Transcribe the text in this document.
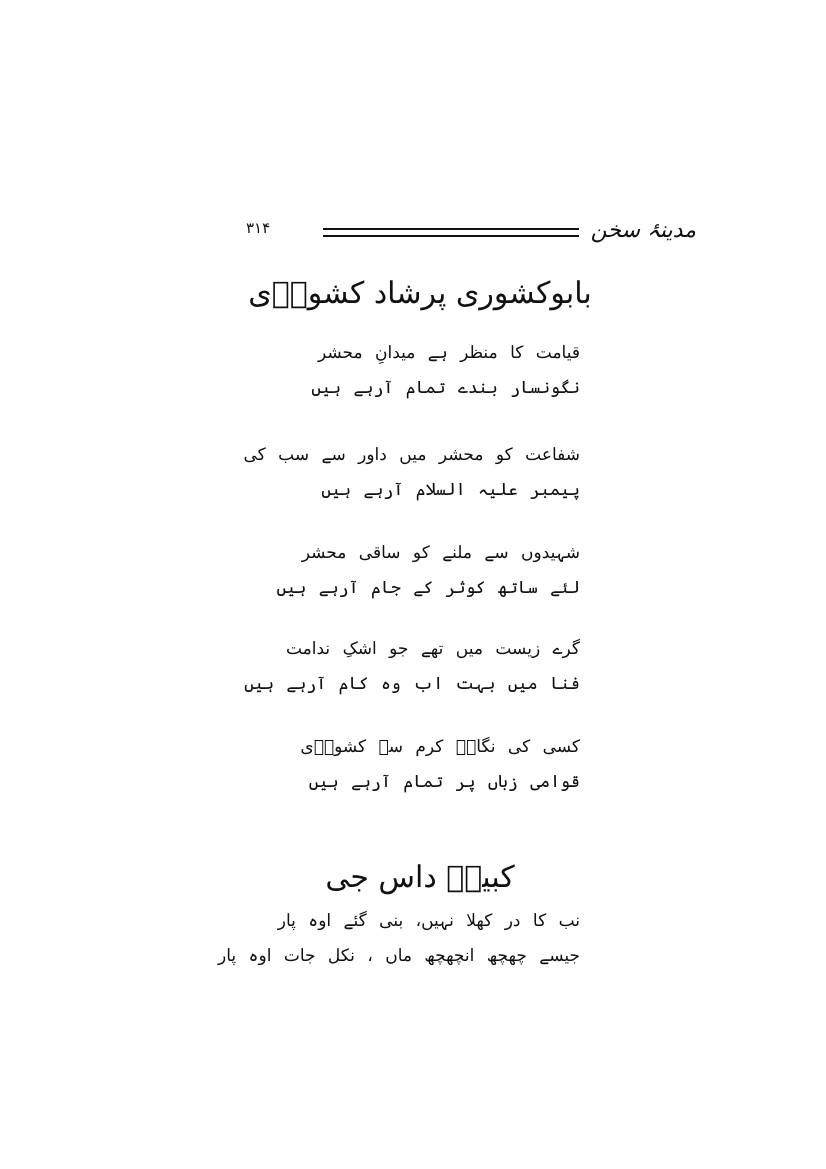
مدینۂ سخن
۳۱۴
بابوکشوری پرشاد کشورؔی
قیامت کا منظر ہے میدانِ محشر
نگونسار بندے تمام آرہے ہیں
شفاعت کو محشر میں داور سے سب کی
پیمبر علیہ السلام آرہے ہیں
شہیدوں سے ملنے کو ساقی محشر
لئے ساتھ کوثر کے جام آرہے ہیں
گرے زیست میں تھے جو اشکِ ندامت
فنا میں بہت اب وہ کام آرہے ہیں
کسی کی نگاہِ کرم سے کشورؔی
قوامی زباں پر تمام آرہے ہیں
کبیرؔ داس جی
نب کا در کھلا نہیں، بنی گئے اوہ پار
جیسے چھچھ انچھچھ ماں ، نکل جات اوہ پار
